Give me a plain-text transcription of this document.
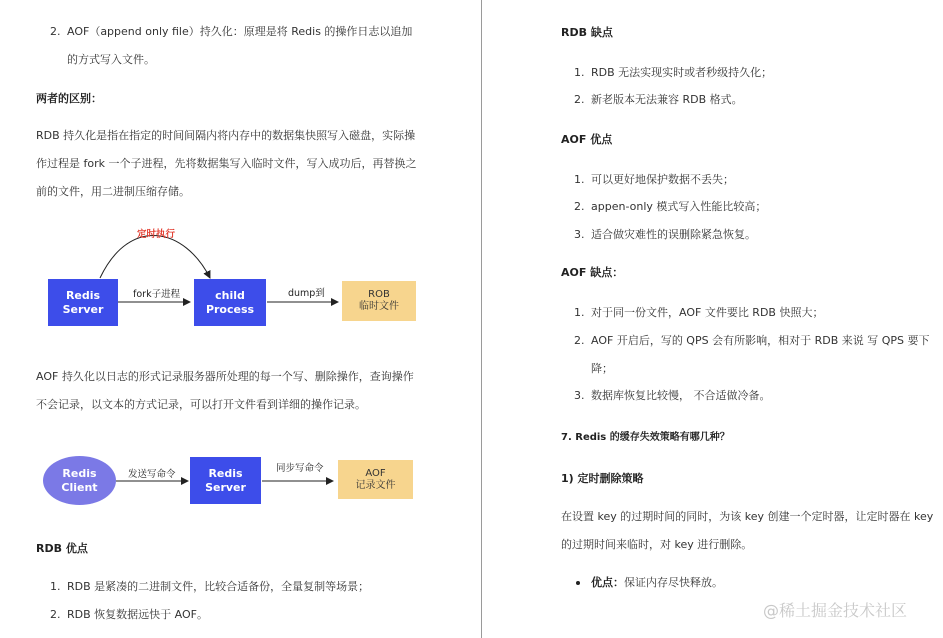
2. AOF（append only file）持久化：原理是将 Redis 的操作日志以追加
的方式写入文件。
两者的区别：
RDB 持久化是指在指定的时间间隔内将内存中的数据集快照写入磁盘，实际操
作过程是 fork 一个子进程，先将数据集写入临时文件，写入成功后，再替换之
前的文件，用二进制压缩存储。
定时执行
Redis
Server
fork子进程	child
Process
dump到	ROB
临时文件
AOF 持久化以日志的形式记录服务器所处理的每一个写、删除操作，查询操作
不会记录，以文本的方式记录，可以打开文件看到详细的操作记录。
Redis
Client
发送写命令	Redis
Server
同步写命令	AOF
记录文件
RDB 优点
1. RDB 是紧凑的二进制文件，比较合适备份，全量复制等场景；
2. RDB 恢复数据远快于 AOF。
RDB 缺点
1. RDB 无法实现实时或者秒级持久化；
2. 新老版本无法兼容 RDB 格式。
AOF 优点
1. 可以更好地保护数据不丢失；
2. appen-only 模式写入性能比较高；
3. 适合做灾难性的误删除紧急恢复。
AOF 缺点：
1. 对于同一份文件，AOF 文件要比 RDB 快照大；
2. AOF 开启后，写的 QPS 会有所影响，相对于 RDB 来说 写 QPS 要下
降；
3. 数据库恢复比较慢， 不合适做冷备。
7. Redis 的缓存失效策略有哪几种？
1) 定时删除策略
在设置 key 的过期时间的同时，为该 key 创建一个定时器，让定时器在 key
的过期时间来临时，对 key 进行删除。
优点： 保证内存尽快释放。
@稀土掘金技术社区
